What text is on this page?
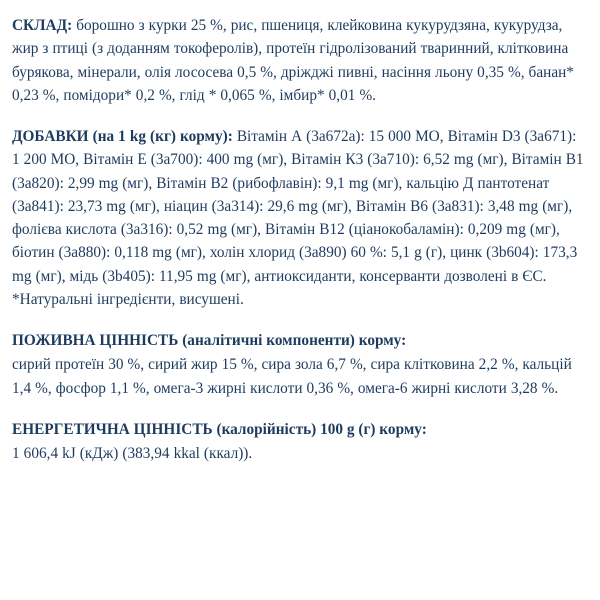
СКЛАД: борошно з курки 25 %, рис, пшениця, клейковина кукурудзяна, кукурудза, жир з птиці (з доданням токоферолів), протеїн гідролізований тваринний, клітковина бурякова, мінерали, олія лососева 0,5 %, дріжджі пивні, насіння льону 0,35 %, банан* 0,23 %, помідори* 0,2 %, глід * 0,065 %, імбир* 0,01 %.

ДОБАВКИ (на 1 kg (кг) корму): Вітамін А (3а672а): 15 000 МО, Вітамін D3 (3а671): 1 200 МО, Вітамін Е (3а700): 400 mg (мг), Вітамін К3 (3а710): 6,52 mg (мг), Вітамін В1 (3а820): 2,99 mg (мг), Вітамін В2 (рибофлавін): 9,1 mg (мг), кальцію Д пантотенат (3а841): 23,73 mg (мг), ніацин (3а314): 29,6 mg (мг), Вітамін В6 (3а831): 3,48 mg (мг), фолієва кислота (3а316): 0,52 mg (мг), Вітамін В12 (ціанокобаламін): 0,209 mg (мг), біотин (3а880): 0,118 mg (мг), холін хлорид (3а890) 60 %: 5,1 g (г), цинк (3b604): 173,3 mg (мг), мідь (3b405): 11,95 mg (мг), антиоксиданти, консерванти дозволені в ЄС. *Натуральні інгредієнти, висушені.

ПОЖИВНА ЦІННІСТЬ (аналітичні компоненти) корму:

сирий протеїн 30 %, сирий жир 15 %, сира зола 6,7 %, сира клітковина 2,2 %, кальцій 1,4 %, фосфор 1,1 %, омега-3 жирні кислоти 0,36 %, омега-6 жирні кислоти 3,28 %.

ЕНЕРГЕТИЧНА ЦІННІСТЬ (калорійність) 100 g (г) корму:

1 606,4 kJ (кДж) (383,94 kkal (ккал)).
